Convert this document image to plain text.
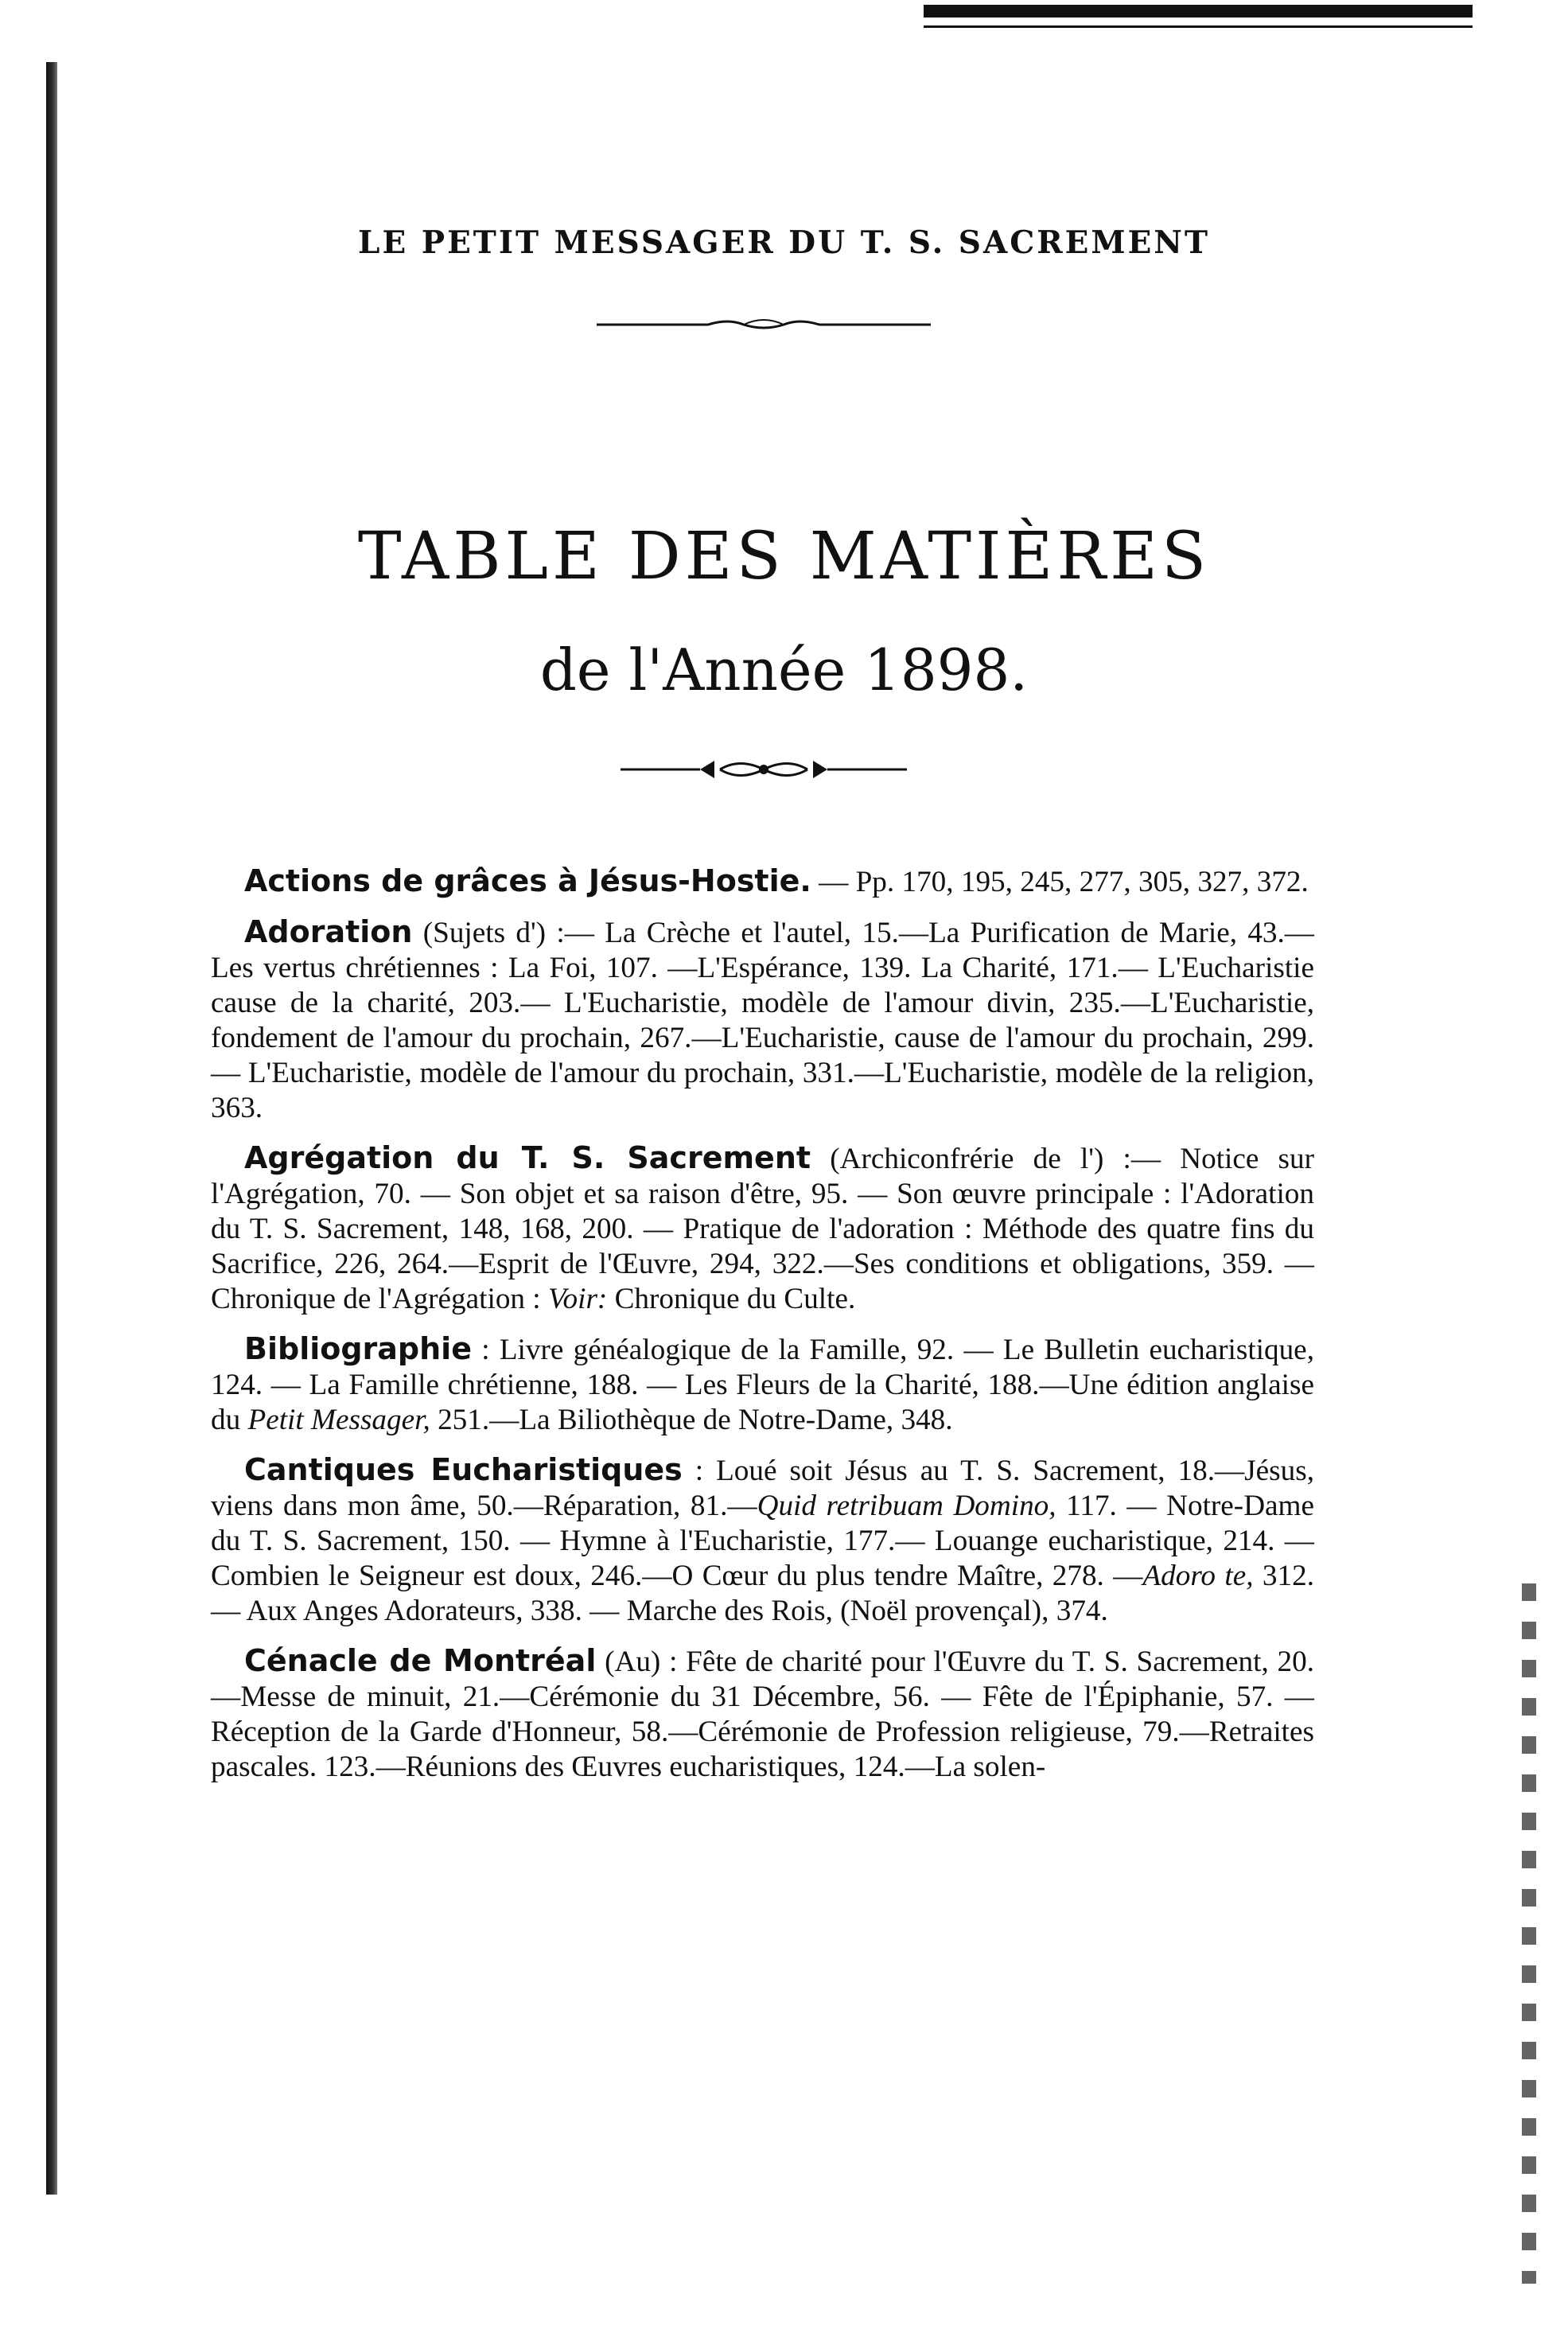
LE PETIT MESSAGER DU T. S. SACREMENT
TABLE DES MATIÈRES
de l'Année 1898.

Actions de grâces à Jésus-Hostie. — Pp. 170, 195, 245, 277, 305, 327, 372.

Adoration (Sujets d') :— La Crèche et l'autel, 15.—La Purification de Marie, 43.—Les vertus chrétiennes : La Foi, 107. —L'Espérance, 139. La Charité, 171.— L'Eucharistie cause de la charité, 203.— L'Eucharistie, modèle de l'amour divin, 235.—L'Eucharistie, fondement de l'amour du prochain, 267.—L'Eucharistie, cause de l'amour du prochain, 299. — L'Eucharistie, modèle de l'amour du prochain, 331.—L'Eucharistie, modèle de la religion, 363.

Agrégation du T. S. Sacrement (Archiconfrérie de l') :— Notice sur l'Agrégation, 70. — Son objet et sa raison d'être, 95. — Son œuvre principale : l'Adoration du T. S. Sacrement, 148, 168, 200. — Pratique de l'adoration : Méthode des quatre fins du Sacrifice, 226, 264.—Esprit de l'Œuvre, 294, 322.—Ses conditions et obligations, 359. — Chronique de l'Agrégation : Voir: Chronique du Culte.

Bibliographie : Livre généalogique de la Famille, 92. — Le Bulletin eucharistique, 124. — La Famille chrétienne, 188. — Les Fleurs de la Charité, 188.—Une édition anglaise du Petit Messager, 251.—La Biliothèque de Notre-Dame, 348.

Cantiques Eucharistiques : Loué soit Jésus au T. S. Sacrement, 18.—Jésus, viens dans mon âme, 50.—Réparation, 81.—Quid retribuam Domino, 117. — Notre-Dame du T. S. Sacrement, 150. — Hymne à l'Eucharistie, 177.— Louange eucharistique, 214. — Combien le Seigneur est doux, 246.—O Cœur du plus tendre Maître, 278. —Adoro te, 312. — Aux Anges Adorateurs, 338. — Marche des Rois, (Noël provençal), 374.

Cénacle de Montréal (Au) : Fête de charité pour l'Œuvre du T. S. Sacrement, 20.—Messe de minuit, 21.—Cérémonie du 31 Décembre, 56. — Fête de l'Épiphanie, 57. — Réception de la Garde d'Honneur, 58.—Cérémonie de Profession religieuse, 79.—Retraites pascales. 123.—Réunions des Œuvres eucharistiques, 124.—La solen-
